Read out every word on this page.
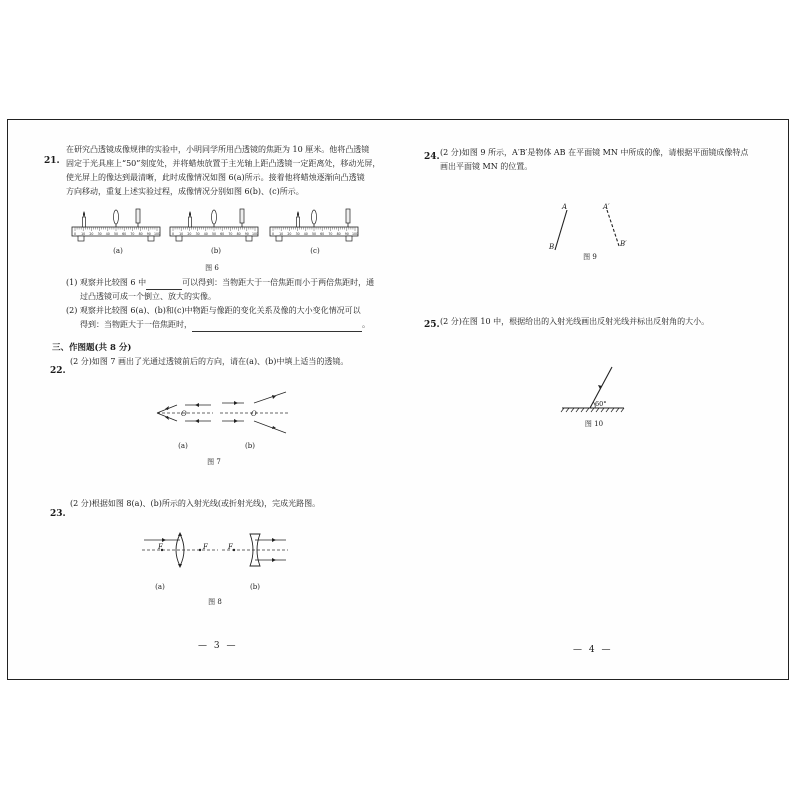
21.
在研究凸透镜成像规律的实验中，小明同学所用凸透镜的焦距为 10 厘米。他将凸透镜
固定于光具座上“50”刻度处，并将蜡烛放置于主光轴上距凸透镜一定距离处，移动光屏，
使光屏上的像达到最清晰，此时成像情况如图 6(a)所示。接着他将蜡烛逐渐向凸透镜
方向移动，重复上述实验过程，成像情况分别如图 6(b)、(c)所示。
0 10 20 30 40 50 60 70 80 90 100	0 10 20 30 40 50 60 70 80 90 100	0 10 20 30 40 50 60 70 80 90 100
(a)	(b)	(c)
图 6
(1) 观察并比较图 6 中	可以得到：当物距大于一倍焦距而小于两倍焦距时，通
过凸透镜可成一个倒立、放大的实像。
(2) 观察并比较图 6(a)、(b)和(c)中物距与像距的变化关系及像的大小变化情况可以
得到：当物距大于一倍焦距时，	。
三、作图题(共 8 分)
22.
(2 分)如图 7 画出了光通过透镜前后的方向，请在(a)、(b)中填上适当的透镜。
O	O
(a)	(b)
图 7
23.
(2 分)根据如图 8(a)、(b)所示的入射光线(或折射光线)，完成光路图。
F	F	F
(a)	(b)
图 8
— 3 —
24. (2 分)如图 9 所示，A′B′是物体 AB 在平面镜 MN 中所成的像，请根据平面镜成像特点
画出平面镜 MN 的位置。
A
B
A′
B′
图 9
25. (2 分)在图 10 中，根据给出的入射光线画出反射光线并标出反射角的大小。
60°
图 10
— 4 —
